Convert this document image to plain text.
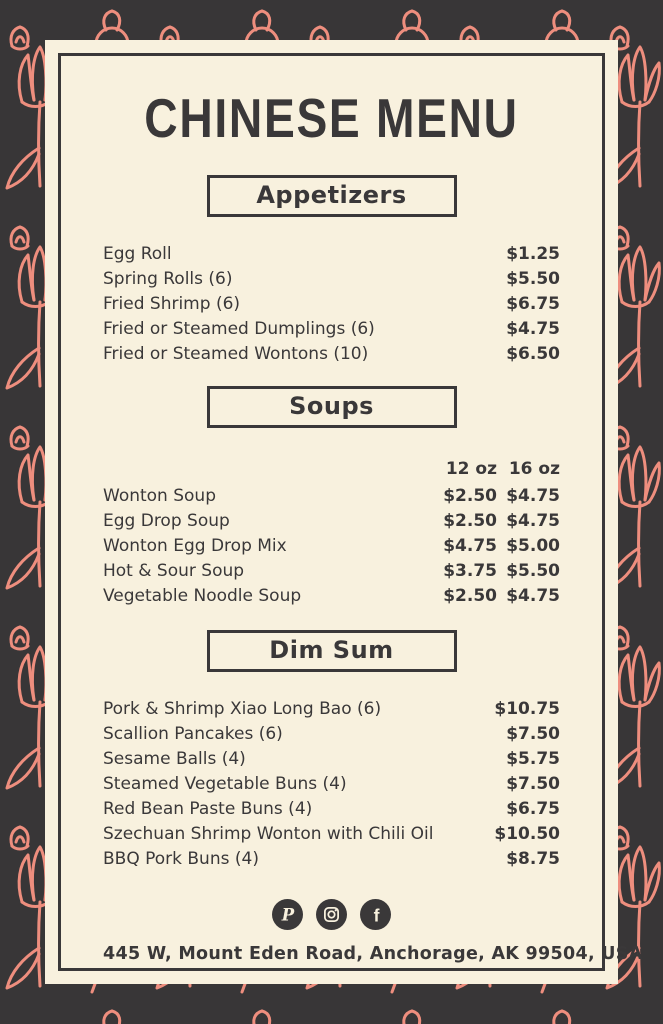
CHINESE MENU
Appetizers
Egg Roll	$1.25
Spring Rolls (6)	$5.50
Fried Shrimp (6)	$6.75
Fried or Steamed Dumplings (6)	$4.75
Fried or Steamed Wontons (10)	$6.50
Soups
12 oz 16 oz
Wonton Soup	$2.50 $4.75
Egg Drop Soup	$2.50 $4.75
Wonton Egg Drop Mix	$4.75 $5.00
Hot & Sour Soup	$3.75 $5.50
Vegetable Noodle Soup	$2.50 $4.75
Dim Sum
Pork & Shrimp Xiao Long Bao (6)	$10.75
Scallion Pancakes (6)	$7.50
Sesame Balls (4)	$5.75
Steamed Vegetable Buns (4)	$7.50
Red Bean Paste Buns (4)	$6.75
Szechuan Shrimp Wonton with Chili Oil	$10.50
BBQ Pork Buns (4)	$8.75
P	f
445 W, Mount Eden Road, Anchorage, AK 99504, USA
